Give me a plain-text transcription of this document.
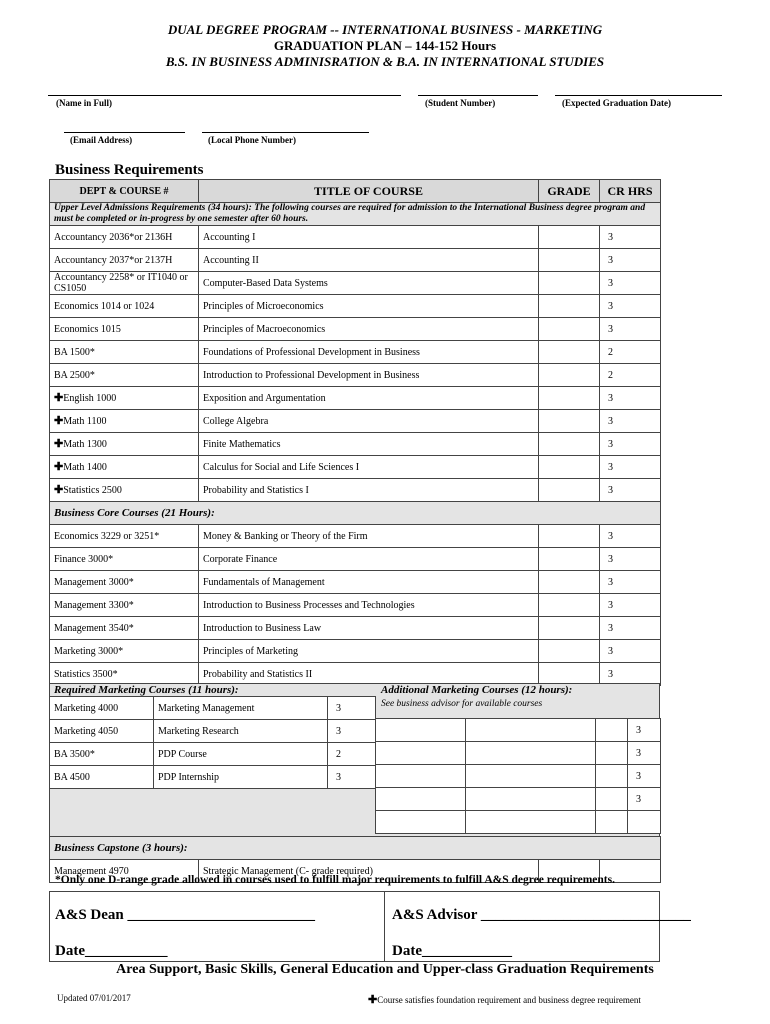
DUAL DEGREE PROGRAM -- INTERNATIONAL BUSINESS - MARKETING
GRADUATION PLAN – 144-152 Hours
B.S. IN BUSINESS ADMINISRATION & B.A. IN INTERNATIONAL STUDIES
(Name in Full)	(Student Number)	(Expected Graduation Date)
(Email Address)	(Local Phone Number)
Business Requirements
DEPT & COURSE #	TITLE OF COURSE	GRADE	CR HRS
Upper Level Admissions Requirements (34 hours): The following courses are required for admission to the International Business degree program and must be completed or in-progress by one semester after 60 hours.			
Accountancy 2036*or 2136H	Accounting I		3
Accountancy 2037*or 2137H	Accounting II		3
Accountancy 2258* or IT1040 or CS1050	Computer-Based Data Systems		3
Economics 1014 or 1024	Principles of Microeconomics		3
Economics 1015	Principles of Macroeconomics		3
BA 1500*	Foundations of Professional Development in Business		2
BA 2500*	Introduction to Professional Development in Business		2
✚English 1000	Exposition and Argumentation		3
✚Math 1100	College Algebra		3
✚Math 1300	Finite Mathematics		3
✚Math 1400	Calculus for Social and Life Sciences I		3
✚Statistics 2500	Probability and Statistics I		3
Business Core Courses (21 Hours):			
Economics 3229 or 3251*	Money & Banking or Theory of the Firm		3
Finance 3000*	Corporate Finance		3
Management 3000*	Fundamentals of Management		3
Management 3300*	Introduction to Business Processes and Technologies		3
Management 3540*	Introduction to Business Law		3
Marketing 3000*	Principles of Marketing		3
Statistics 3500*	Probability and Statistics II		3
Required Marketing Courses (11 hours):	Additional Marketing Courses (12 hours):
See business advisor for available courses
Marketing 4000	Marketing Management	3
Marketing 4050	Marketing Research	3
BA 3500*	PDP Course	2
BA 4500	PDP Internship	3
			3
			3
			3
			3

Business Capstone (3 hours):
Management 4970	Strategic Management (C- grade required)		
*Only one D-range grade allowed in courses used to fulfill major requirements to fulfill A&S degree requirements.
A&S Dean _________________________	A&S Advisor ____________________________
Date___________	Date____________
Area Support, Basic Skills, General Education and Upper-class Graduation Requirements
Updated 07/01/2017	✚Course satisfies foundation requirement and business degree requirement
